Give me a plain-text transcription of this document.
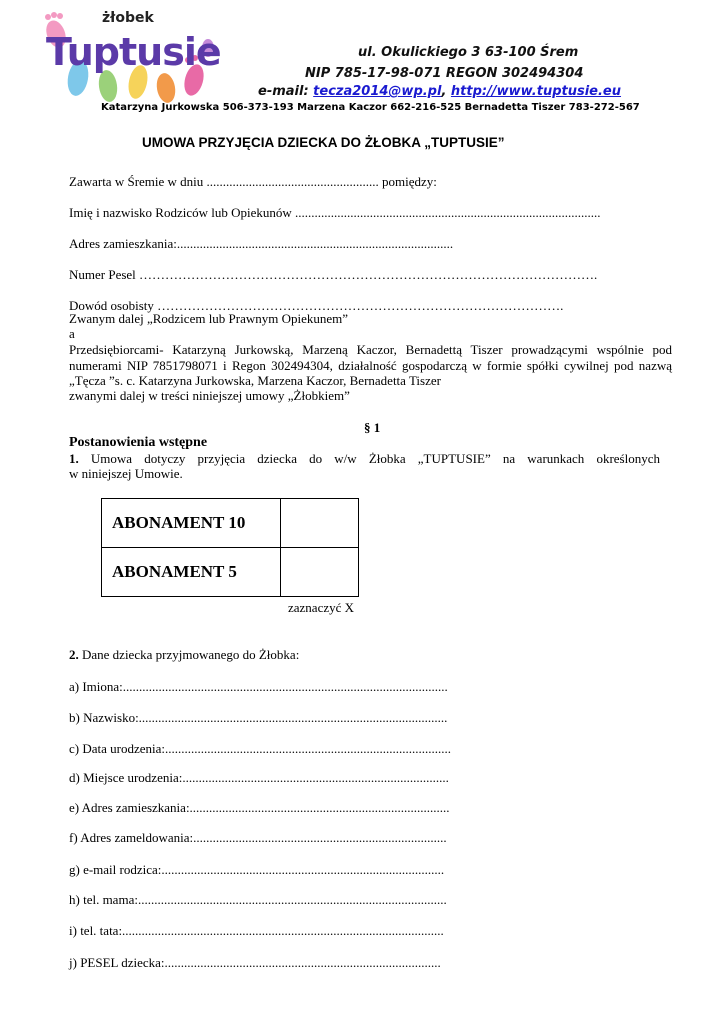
żłobek
Tuptusie	ul. Okulickiego 3 63-100 Śrem
NIP 785-17-98-071 REGON 302494304
e-mail: tecza2014@wp.pl, http://www.tuptusie.eu
Katarzyna Jurkowska 506-373-193 Marzena Kaczor 662-216-525 Bernadetta Tiszer 783-272-567
UMOWA PRZYJĘCIA DZIECKA DO ŻŁOBKA „TUPTUSIE”
Zawarta w Śremie w dniu ..................................................... pomiędzy:
Imię i nazwisko Rodziców lub Opiekunów ..............................................................................................
Adres zamieszkania:.....................................................................................
Numer Pesel …………………………………………………………………………………………….
Dowód osobisty ………………………………………………………………………………….
Zwanym dalej „Rodzicem lub Prawnym Opiekunem”
a
Przedsiębiorcami- Katarzyną Jurkowską, Marzeną Kaczor, Bernadettą Tiszer prowadzącymi wspólnie pod
numerami NIP 7851798071 i Regon 302494304, działalność gospodarczą w formie spółki cywilnej pod nazwą
„Tęcza ”s. c. Katarzyna Jurkowska, Marzena Kaczor, Bernadetta Tiszer
zwanymi dalej w treści niniejszej umowy „Żłobkiem”
§ 1
Postanowienia wstępne
1. Umowa dotyczy przyjęcia dziecka do w/w Żłobka „TUPTUSIE” na warunkach określonych
w niniejszej Umowie.
ABONAMENT 10	
ABONAMENT 5	
zaznaczyć X
2. Dane dziecka przyjmowanego do Żłobka:
a) Imiona:....................................................................................................
b) Nazwisko:...............................................................................................
c) Data urodzenia:........................................................................................
d) Miejsce urodzenia:..................................................................................
e) Adres zamieszkania:................................................................................
f) Adres zameldowania:..............................................................................
g) e-mail rodzica:.......................................................................................
h) tel. mama:...............................................................................................
i) tel. tata:...................................................................................................
j) PESEL dziecka:.....................................................................................
